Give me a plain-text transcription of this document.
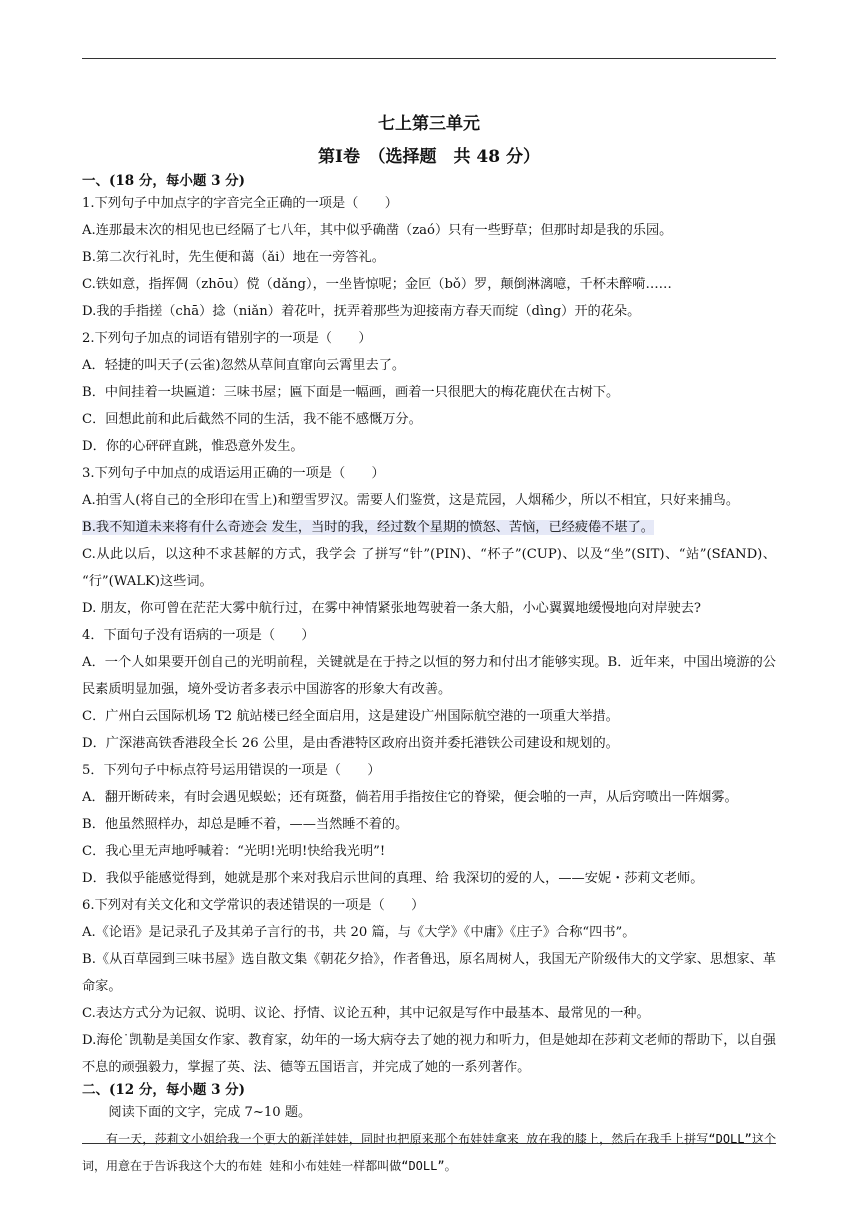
七上第三单元
第Ⅰ卷　（选择题　共 48 分）
一、(18 分，每小题 3 分)
1.下列句子中加点字的字音完全正确的一项是（　　）
A.连那最末次的相见也已经隔了七八年，其中似乎确凿（zaó）只有一些野草；但那时却是我的乐园。
B.第二次行礼时，先生便和蔼（ǎi）地在一旁答礼。
C.铁如意，指挥倜（zhōu）傥（dǎng），一坐皆惊呢；金叵（bǒ）罗，颠倒淋漓噫，千杯未醉嗬……
D.我的手指搓（chā）捻（niǎn）着花叶，抚弄着那些为迎接南方春天而绽（dìng）开的花朵。
2.下列句子加点的词语有错别字的一项是（　　）
A．轻捷的叫天子(云雀)忽然从草间直窜向云霄里去了。
B．中间挂着一块匾道：三味书屋；匾下面是一幅画，画着一只很肥大的梅花鹿伏在古树下。
C．回想此前和此后截然不同的生活，我不能不感慨万分。
D．你的心砰砰直跳，惟恐意外发生。
3.下列句子中加点的成语运用正确的一项是（　　）
A.拍雪人(将自己的全形印在雪上)和塑雪罗汉。需要人们鉴赏，这是荒园，人烟稀少，所以不相宜，只好来捕鸟。
B.我不知道未来将有什么奇迹会 发生，当时的我，经过数个星期的愤怒、苦恼，已经疲倦不堪了。
C.从此以后，以这种不求甚解的方式，我学会 了拼写“针”(PIN)、“杯子”(CUP)、以及“坐”(SIT)、“站”(SfAND)、 “行”(WALK)这些词。
D. 朋友，你可曾在茫茫大雾中航行过，在雾中神情紧张地驾驶着一条大船，小心翼翼地缓慢地向对岸驶去?
4．下面句子没有语病的一项是（　　）
A．一个人如果要开创自己的光明前程，关键就是在于持之以恒的努力和付出才能够实现。B．近年来，中国出境游的公民素质明显加强，境外受访者多表示中国游客的形象大有改善。
C．广州白云国际机场 T2 航站楼已经全面启用，这是建设广州国际航空港的一项重大举措。
D．广深港高铁香港段全长 26 公里，是由香港特区政府出资并委托港铁公司建设和规划的。
5．下列句子中标点符号运用错误的一项是（　　）
A．翻开断砖来，有时会遇见蜈蚣；还有斑蝥，倘若用手指按住它的脊梁，便会啪的一声，从后窍喷出一阵烟雾。
B．他虽然照样办，却总是睡不着，——当然睡不着的。
C．我心里无声地呼喊着：“光明!光明!快给我光明”!
D．我似乎能感觉得到，她就是那个来对我启示世间的真理、给 我深切的爱的人，——安妮・莎莉文老师。
6.下列对有关文化和文学常识的表述错误的一项是（　　）
A.《论语》是记录孔子及其弟子言行的书，共 20 篇，与《大学》《中庸》《庄子》合称“四书”。
B.《从百草园到三味书屋》选自散文集《朝花夕拾》，作者鲁迅，原名周树人，我国无产阶级伟大的文学家、思想家、革命家。
C.表达方式分为记叙、说明、议论、抒情、议论五种，其中记叙是写作中最基本、最常见的一种。
D.海伦˙凯勒是美国女作家、教育家，幼年的一场大病夺去了她的视力和听力，但是她却在莎莉文老师的帮助下，以自强不息的顽强毅力，掌握了英、法、德等五国语言，并完成了她的一系列著作。
二、(12 分，每小题 3 分)
阅读下面的文字，完成 7~10 题。
有一天，莎莉文小姐给我一个更大的新洋娃娃，同时也把原来那个布娃娃拿来 放在我的膝上，然后在我手上拼写“DOLL”这个词，用意在于告诉我这个大的布娃 娃和小布娃娃一样都叫做“DOLL”。
